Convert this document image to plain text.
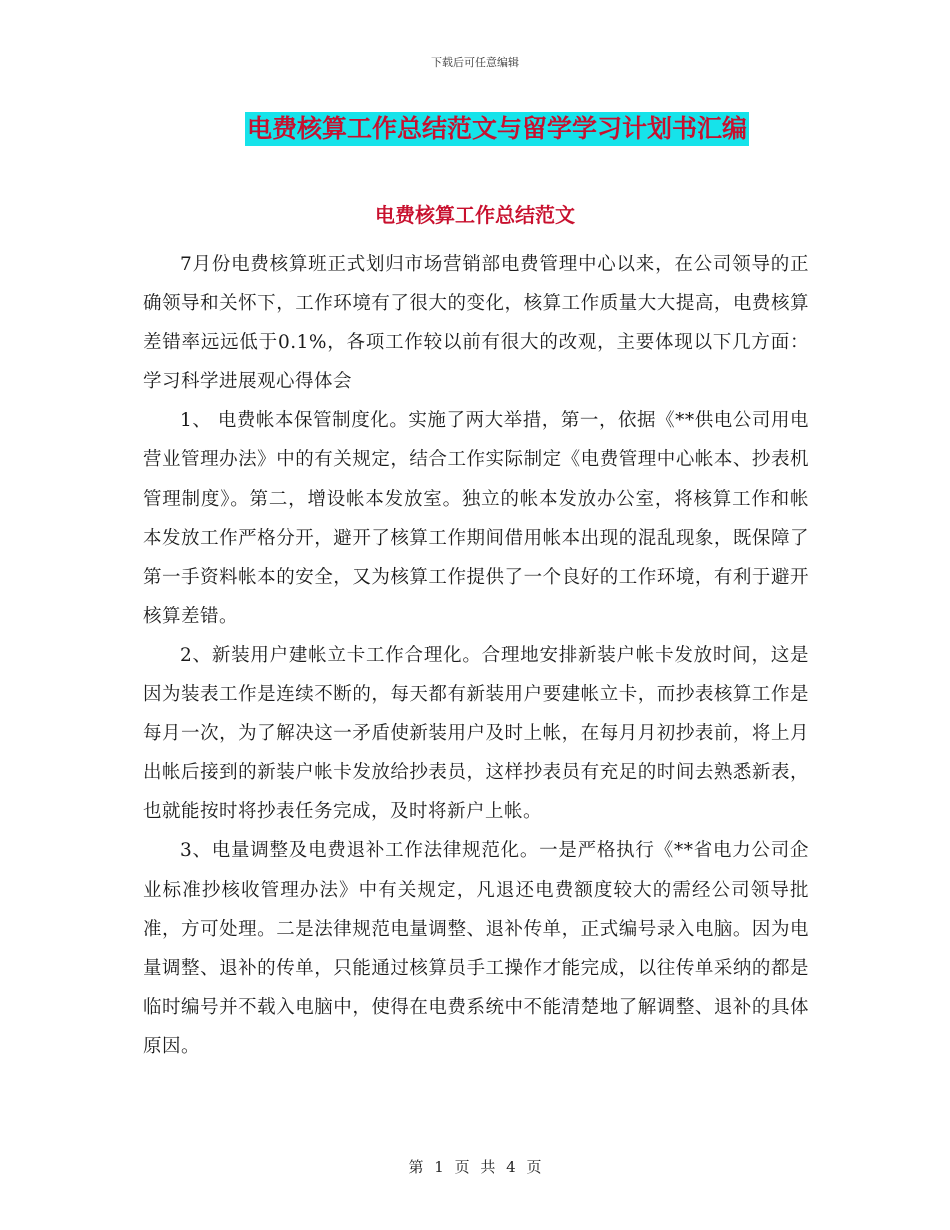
下载后可任意编辑
电费核算工作总结范文与留学学习计划书汇编
电费核算工作总结范文

7月份电费核算班正式划归市场营销部电费管理中心以来，在公司领导的正确领导和关怀下，工作环境有了很大的变化，核算工作质量大大提高，电费核算差错率远远低于0.1%，各项工作较以前有很大的改观，主要体现以下几方面：学习科学进展观心得体会

1、 电费帐本保管制度化。实施了两大举措，第一，依据《**供电公司用电营业管理办法》中的有关规定，结合工作实际制定《电费管理中心帐本、抄表机管理制度》。第二，增设帐本发放室。独立的帐本发放办公室，将核算工作和帐本发放工作严格分开，避开了核算工作期间借用帐本出现的混乱现象，既保障了第一手资料帐本的安全，又为核算工作提供了一个良好的工作环境，有利于避开核算差错。

2、新装用户建帐立卡工作合理化。合理地安排新装户帐卡发放时间，这是因为装表工作是连续不断的，每天都有新装用户要建帐立卡，而抄表核算工作是每月一次，为了解决这一矛盾使新装用户及时上帐，在每月月初抄表前，将上月出帐后接到的新装户帐卡发放给抄表员，这样抄表员有充足的时间去熟悉新表，也就能按时将抄表任务完成，及时将新户上帐。

3、电量调整及电费退补工作法律规范化。一是严格执行《**省电力公司企业标准抄核收管理办法》中有关规定，凡退还电费额度较大的需经公司领导批准，方可处理。二是法律规范电量调整、退补传单，正式编号录入电脑。因为电量调整、退补的传单，只能通过核算员手工操作才能完成，以往传单采纳的都是临时编号并不载入电脑中，使得在电费系统中不能清楚地了解调整、退补的具体原因。

第 1 页 共 4 页
